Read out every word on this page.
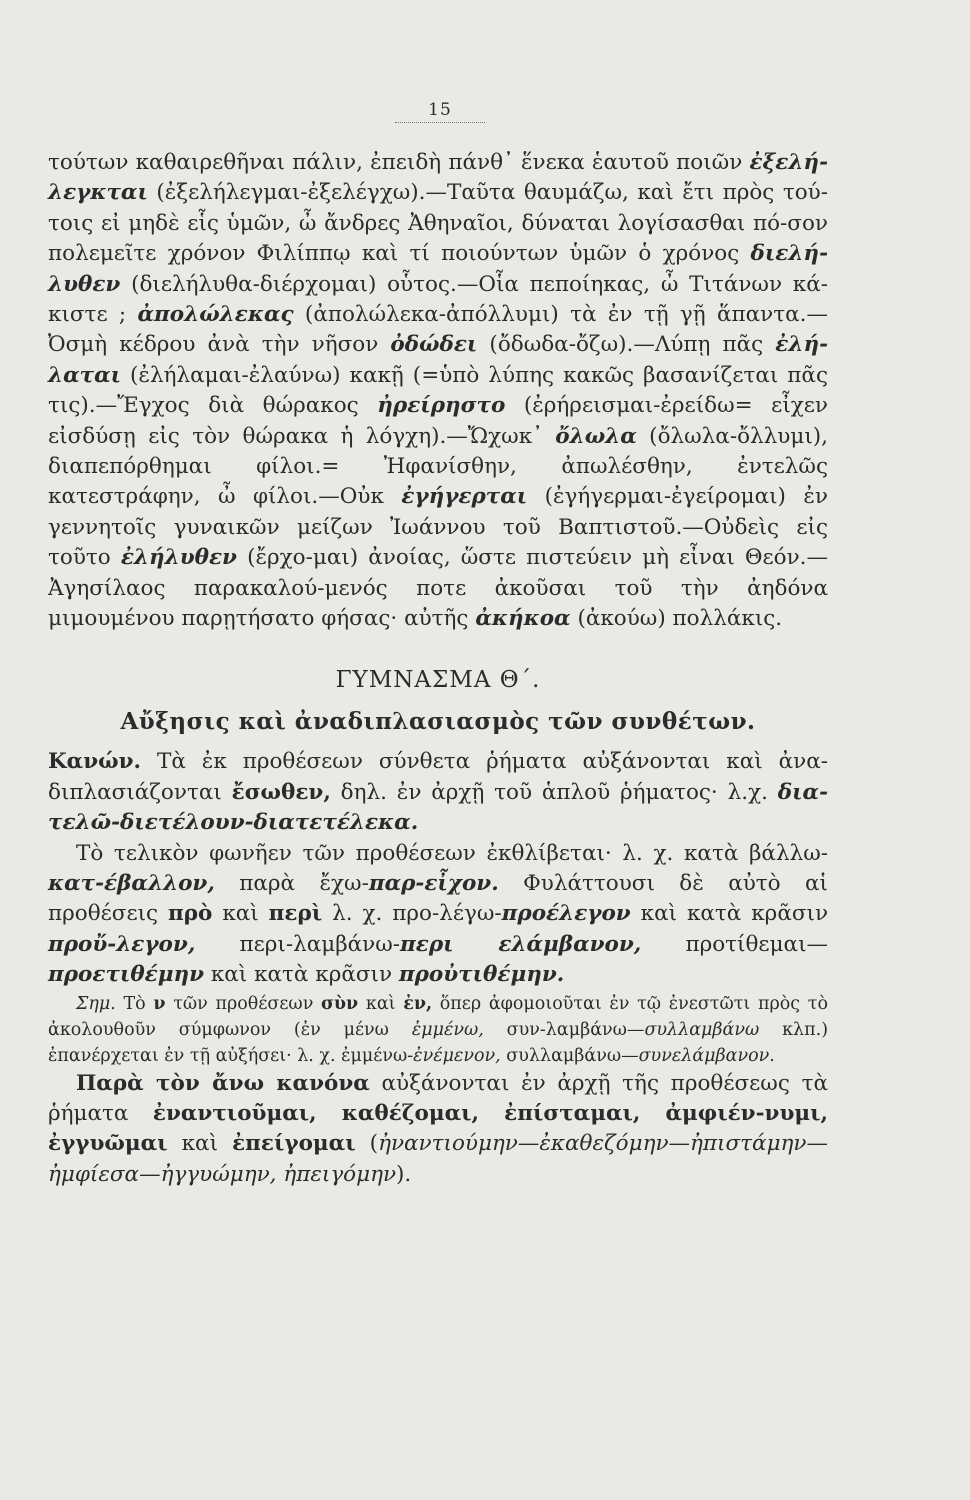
15

τούτων καθαιρεθῆναι πάλιν, ἐπειδὴ πάνθ᾽ ἕνεκα ἑαυτοῦ ποιῶν ἐξελή-λεγκται (ἐξελήλεγμαι-ἐξελέγχω).—Ταῦτα θαυμάζω, καὶ ἔτι πρὸς τού-τοις εἰ μηδὲ εἷς ὑμῶν, ὦ ἄνδρες Ἀθηναῖοι, δύναται λογίσασθαι πό-σον πολεμεῖτε χρόνον Φιλίππῳ καὶ τί ποιούντων ὑμῶν ὁ χρόνος διελή-λυθεν (διελήλυθα-διέρχομαι) οὗτος.—Οἷα πεποίηκας, ὦ Τιτάνων κά-κιστε ; ἀπολώλεκας (ἀπολώλεκα-ἀπόλλυμι) τὰ ἐν τῇ γῇ ἅπαντα.— Ὀσμὴ κέδρου ἀνὰ τὴν νῆσον ὀδώδει (ὄδωδα-ὄζω).—Λύπῃ πᾶς ἐλή-λαται (ἐλήλαμαι-ἐλαύνω) κακῇ (=ὑπὸ λύπης κακῶς βασανίζεται πᾶς τις).—Ἔγχος διὰ θώρακος ἠρείρηστο (ἐρήρεισμαι-ἐρείδω= εἶχεν εἰσδύσῃ εἰς τὸν θώρακα ἡ λόγχη).—Ὤχωκ᾽ ὄλωλα (ὄλωλα-ὄλλυμι), διαπεπόρθημαι φίλοι.= Ἠφανίσθην, ἀπωλέσθην, ἐντελῶς κατεστράφην, ὦ φίλοι.—Οὐκ ἐγήγερται (ἐγήγερμαι-ἐγείρομαι) ἐν γεννητοῖς γυναικῶν μείζων Ἰωάννου τοῦ Βαπτιστοῦ.—Οὐδεὶς εἰς τοῦτο ἐλήλυθεν (ἔρχο-μαι) ἀνοίας, ὥστε πιστεύειν μὴ εἶναι Θεόν.— Ἀγησίλαος παρακαλού-μενός ποτε ἀκοῦσαι τοῦ τὴν ἀηδόνα μιμουμένου παρῃτήσατο φήσας· αὐτῆς ἀκήκοα (ἀκούω) πολλάκις.

ΓΥΜΝΑΣΜΑ Θ΄.
Αὔξησις καὶ ἀναδιπλασιασμὸς τῶν συνθέτων.

Κανών. Τὰ ἐκ προθέσεων σύνθετα ῥήματα αὐξάνονται καὶ ἀνα-διπλασιάζονται ἔσωθεν, δηλ. ἐν ἀρχῇ τοῦ ἁπλοῦ ῥήματος· λ.χ. δια-τελῶ-διετέλουν-διατετέλεκα.

Τὸ τελικὸν φωνῆεν τῶν προθέσεων ἐκθλίβεται· λ. χ. κατὰ βάλλω-κατ-έβαλλον, παρὰ ἔχω-παρ-εἶχον. Φυλάττουσι δὲ αὐτὸ αἱ προθέσεις πρὸ καὶ περὶ λ. χ. προ-λέγω-προέλεγον καὶ κατὰ κρᾶσιν προὔ-λεγον, περι-λαμβάνω-περι ελάμβανον, προτίθεμαι—προετιθέμην καὶ κατὰ κρᾶσιν προὐτιθέμην.

Σημ. Τὸ ν τῶν προθέσεων σὺν καὶ ἐν, ὅπερ ἀφομοιοῦται ἐν τῷ ἐνεστῶτι πρὸς τὸ ἀκολουθοῦν σύμφωνον (ἐν μένω ἐμμένω, συν-λαμβάνω—συλλαμβάνω κλπ.) ἐπανέρχεται ἐν τῇ αὐξήσει· λ. χ. ἐμμένω-ἐνέμενον, συλλαμβάνω—συνελάμβανον.

Παρὰ τὸν ἄνω κανόνα αὐξάνονται ἐν ἀρχῇ τῆς προθέσεως τὰ ῥήματα ἐναντιοῦμαι, καθέζομαι, ἐπίσταμαι, ἀμφιέν-νυμι, ἐγγυῶμαι καὶ ἐπείγομαι (ἠναντιούμην—ἐκαθεζόμην—ἠπιστάμην—ἠμφίεσα—ἠγγυώμην, ἠπειγόμην).
